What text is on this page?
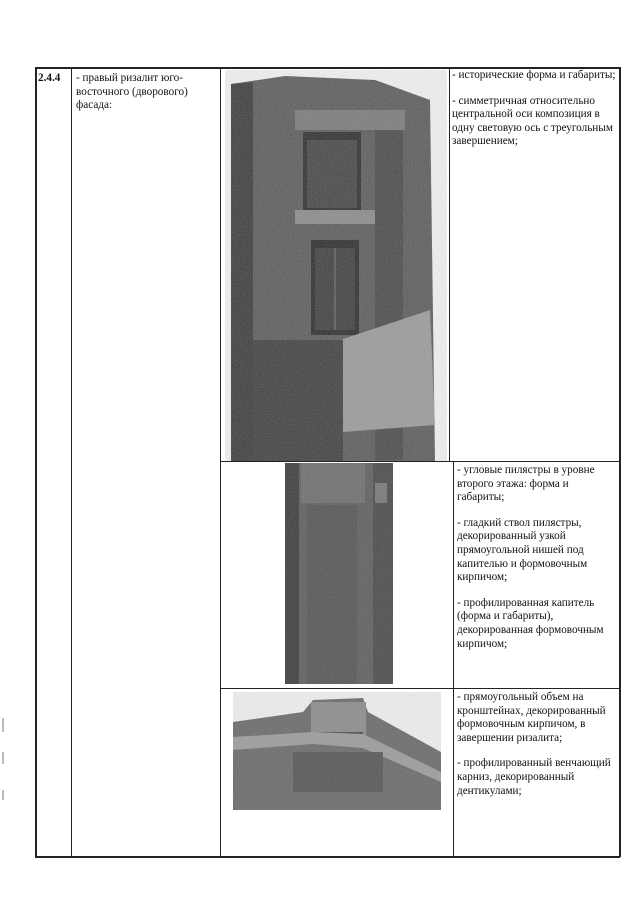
2.4.4	- правый ризалит юго-восточного (дворового) фасада:

- исторические форма и габариты;

- симметричная относительно центральной оси композиция в одну световую ось с треугольным завершением;

- угловые пилястры в уровне второго этажа: форма и габариты;

- гладкий ствол пилястры, декорированный узкой прямоугольной нишей под капителью и формовочным кирпичом;

- профилированная капитель (форма и габариты), декорированная формовочным кирпичом;

- прямоугольный объем на кронштейнах, декорированный формовочным кирпичом, в завершении ризалита;

- профилированный венчающий карниз, декорированный дентикулами;
